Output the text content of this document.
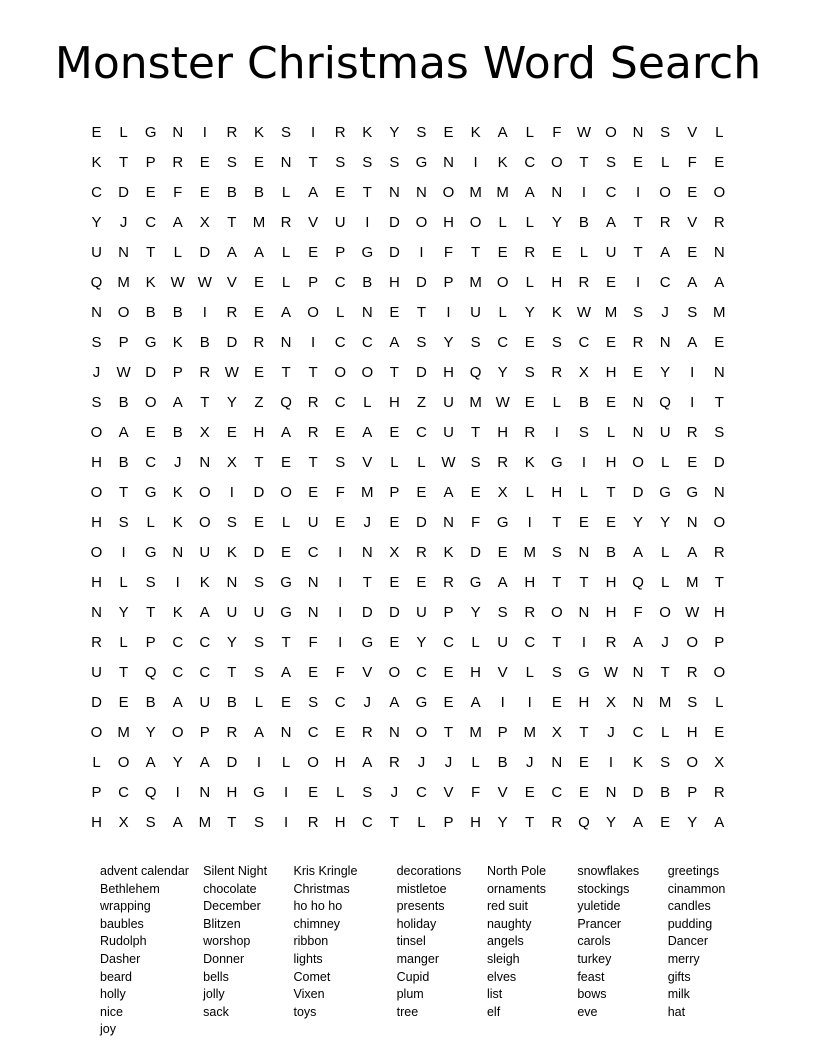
Monster Christmas Word Search
E	L	G	N	I	R	K	S	I	R	K	Y	S	E	K	A	L	F	W O	N	S	V	L
K	T	P	R	E	S	E	N	T	S	S	S	G	N	I	K	C	O	T	S	E	L	F	E
C	D	E	F	E	B	B	L	A	E	T	N	N	O	M M	A	N	I	C	I	O	E	O
Y	J	C	A	X	T	M	R	V	U	I	D	O	H	O	L	L	Y	B	A	T	R	V	R
U	N	T	L	D	A	A	L	E	P	G	D	I	F	T	E	R	E	L	U	T	A	E	N
Q	M	K W W V	E	L	P	C	B	H	D	P	M O	L	H	R	E	I	C	A	A
N	O	B	B	I	R	E	A	O	L	N	E	T	I	U	L	Y	K W M	S	J	S	M
S	P	G	K	B	D	R	N	I	C	C	A	S	Y	S	C	E	S	C	E	R	N	A	E
J	W D	P	R W E	T	T	O	O	T	D	H	Q	Y	S	R	X	H	E	Y	I	N
S	B	O	A	T	Y	Z	Q	R	C	L	H	Z	U	M W E	L	B	E	N	Q	I	T
O	A	E	B	X	E	H	A	R	E	A	E	C	U	T	H	R	I	S	L	N	U	R	S
H	B	C	J	N	X	T	E	T	S	V	L	L	W S	R	K	G	I	H	O	L	E	D
O	T	G	K	O	I	D	O	E	F	M	P	E	A	E	X	L	H	L	T	D	G	G	N
H	S	L	K	O	S	E	L	U	E	J	E	D	N	F	G	I	T	E	E	Y	Y	N	O
O	I	G	N	U	K	D	E	C	I	N	X	R	K	D	E	M	S	N	B	A	L	A	R
H	L	S	I	K	N	S	G	N	I	T	E	E	R	G	A	H	T	T	H	Q	L	M	T
N	Y	T	K	A	U	U	G	N	I	D	D	U	P	Y	S	R	O	N	H	F	O W H
R	L	P	C	C	Y	S	T	F	I	G	E	Y	C	L	U	C	T	I	R	A	J	O	P
U	T	Q	C	C	T	S	A	E	F	V	O	C	E	H	V	L	S	G W N	T	R	O
D	E	B	A	U	B	L	E	S	C	J	A	G	E	A	I	I	E	H	X	N	M	S	L
O	M	Y	O	P	R	A	N	C	E	R	N	O	T	M	P	M	X	T	J	C	L	H	E
L	O	A	Y	A	D	I	L	O	H	A	R	J	J	L	B	J	N	E	I	K	S	O	X
P	C	Q	I	N	H	G	I	E	L	S	J	C	V	F	V	E	C	E	N	D	B	P	R
H	X	S	A	M	T	S	I	R	H	C	T	L	P	H	Y	T	R	Q	Y	A	E	Y	A
advent calendar
Bethlehem
wrapping
baubles
Rudolph
Dasher
beard
holly
nice
joy
Silent Night
chocolate
December
Blitzen
worshop
Donner
bells
jolly
sack
Kris Kringle
Christmas
ho ho ho
chimney
ribbon
lights
Comet
Vixen
toys
decorations
mistletoe
presents
holiday
tinsel
manger
Cupid
plum
tree
North Pole
ornaments
red suit
naughty
angels
sleigh
elves
list
elf
snowflakes
stockings
yuletide
Prancer
carols
turkey
feast
bows
eve
greetings
cinammon
candles
pudding
Dancer
merry
gifts
milk
hat
